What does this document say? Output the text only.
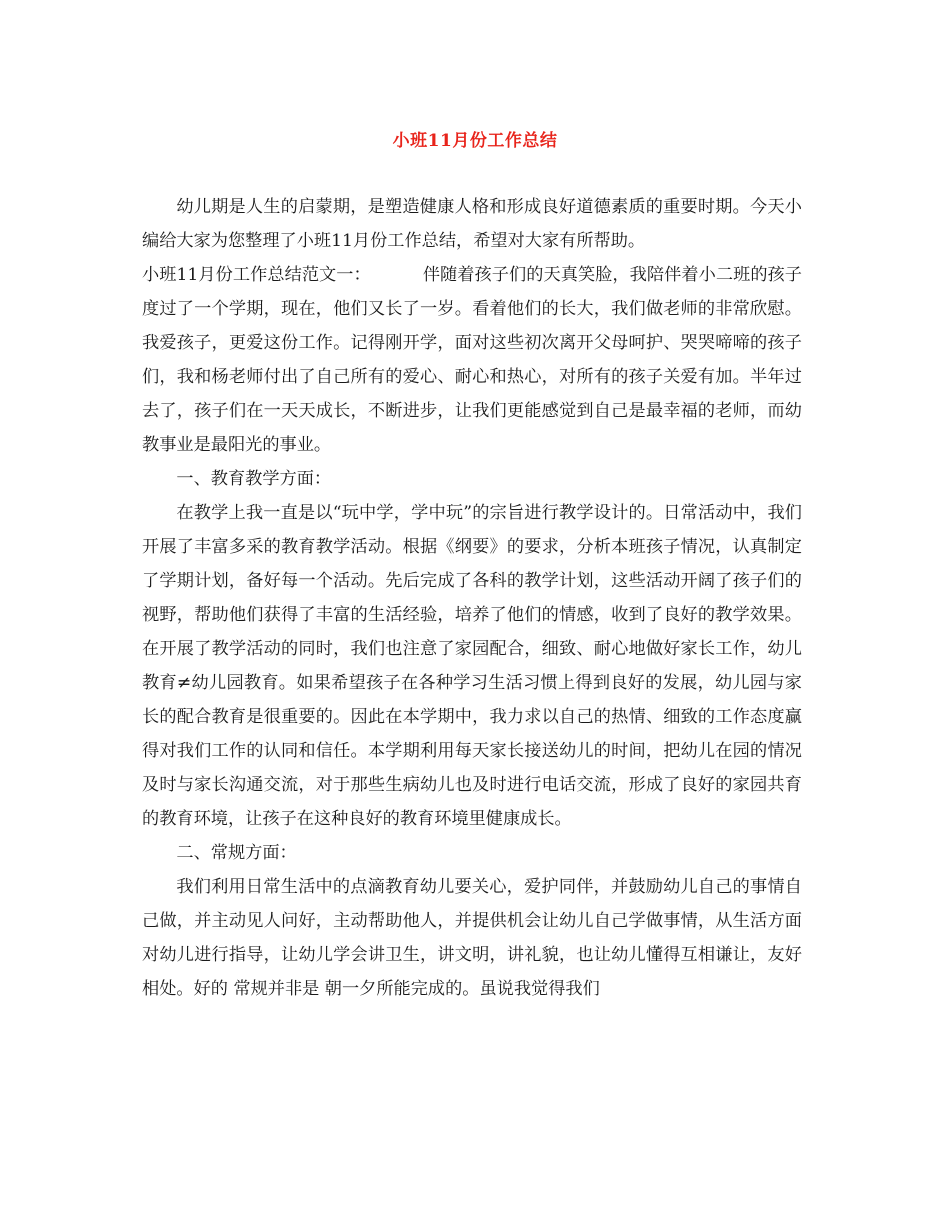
小班11月份工作总结

幼儿期是人生的启蒙期，是塑造健康人格和形成良好道德素质的重要时期。今天小编给大家为您整理了小班11月份工作总结，希望对大家有所帮助。

小班11月份工作总结范文一：	伴随着孩子们的天真笑脸，我陪伴着小二班的孩子度过了一个学期，现在，他们又长了一岁。看着他们的长大，我们做老师的非常欣慰。我爱孩子，更爱这份工作。记得刚开学，面对这些初次离开父母呵护、哭哭啼啼的孩子们，我和杨老师付出了自己所有的爱心、耐心和热心，对所有的孩子关爱有加。半年过去了，孩子们在一天天成长，不断进步，让我们更能感觉到自己是最幸福的老师，而幼教事业是最阳光的事业。

一、教育教学方面：

在教学上我一直是以“玩中学，学中玩”的宗旨进行教学设计的。日常活动中，我们开展了丰富多采的教育教学活动。根据《纲要》的要求，分析本班孩子情况，认真制定了学期计划，备好每一个活动。先后完成了各科的教学计划，这些活动开阔了孩子们的视野，帮助他们获得了丰富的生活经验，培养了他们的情感，收到了良好的教学效果。在开展了教学活动的同时，我们也注意了家园配合，细致、耐心地做好家长工作，幼儿教育≠幼儿园教育。如果希望孩子在各种学习生活习惯上得到良好的发展，幼儿园与家长的配合教育是很重要的。因此在本学期中，我力求以自己的热情、细致的工作态度赢得对我们工作的认同和信任。本学期利用每天家长接送幼儿的时间，把幼儿在园的情况及时与家长沟通交流，对于那些生病幼儿也及时进行电话交流，形成了良好的家园共育的教育环境，让孩子在这种良好的教育环境里健康成长。

二、常规方面：

我们利用日常生活中的点滴教育幼儿要关心，爱护同伴，并鼓励幼儿自己的事情自己做，并主动见人问好，主动帮助他人，并提供机会让幼儿自己学做事情，从生活方面对幼儿进行指导，让幼儿学会讲卫生，讲文明，讲礼貌，也让幼儿懂得互相谦让，友好相处。好的 常规并非是 朝一夕所能完成的。虽说我觉得我们
